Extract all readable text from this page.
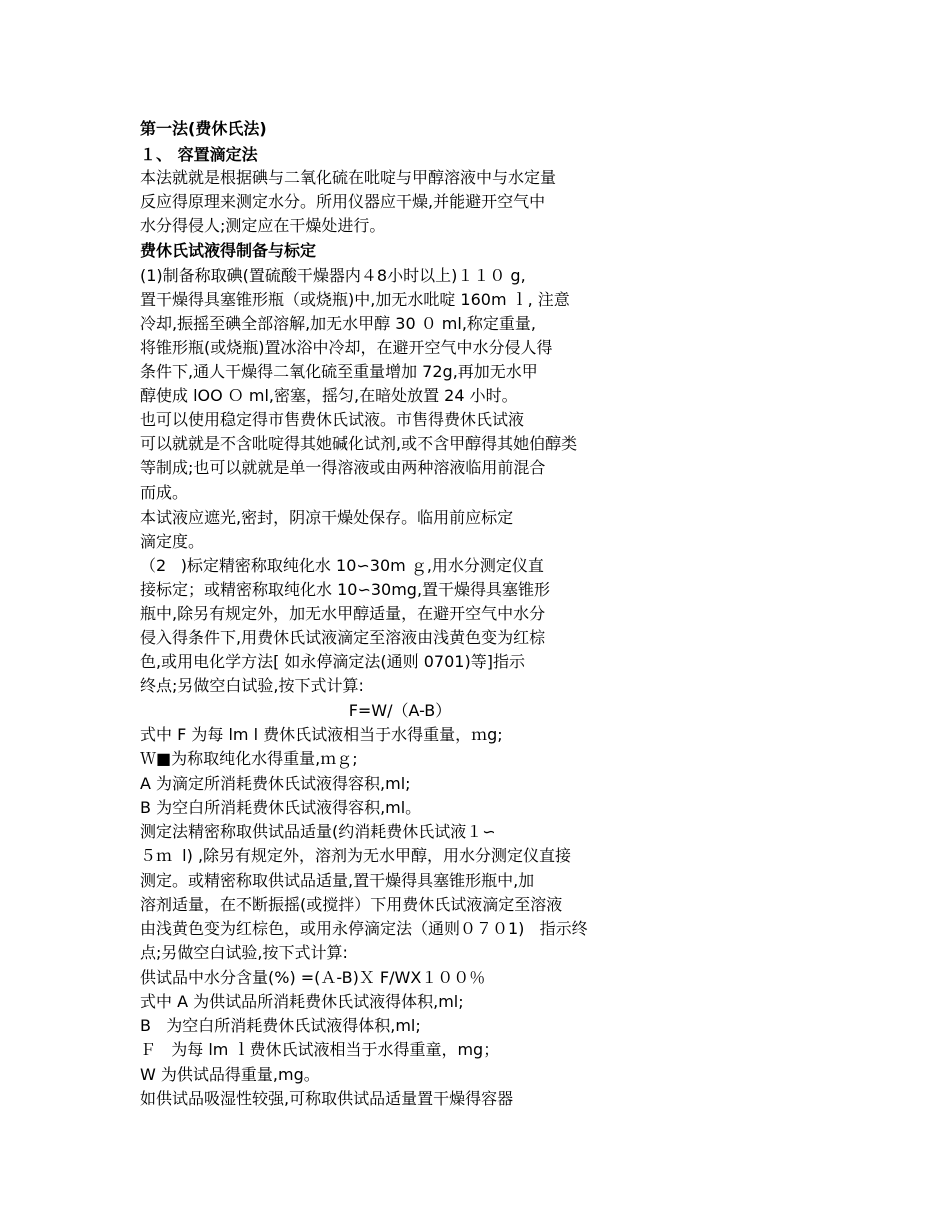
第一法(费休氏法)
１、 容置滴定法
本法就就是根据碘与二氧化硫在吡啶与甲醇溶液中与水定量
反应得原理来测定水分。所用仪器应干燥,并能避开空气中
水分得侵人;测定应在干燥处进行。
费休氏试液得制备与标定
(1)制备称取碘(置硫酸干燥器内４8小时以上)１１０ g,
置干燥得具塞锥形瓶（或烧瓶)中,加无水吡啶 160m ｌ, 注意
冷却,振摇至碘全部溶解,加无水甲醇 30 ０ ml,称定重量,
将锥形瓶(或烧瓶)置冰浴中冷却，在避开空气中水分侵人得
条件下,通人干燥得二氧化硫至重量增加 72g,再加无水甲
醇使成 lOO Ｏ ml,密塞，摇匀,在暗处放置 24 小时。
也可以使用稳定得市售费休氏试液。市售得费休氏试液
可以就就是不含吡啶得其她碱化试剂,或不含甲醇得其她伯醇类
等制成;也可以就就是单一得溶液或由两种溶液临用前混合
而成。
本试液应遮光,密封，阴凉干燥处保存。临用前应标定
滴定度。
（2	)标定精密称取纯化水 10∽30m ｇ,用水分测定仪直
接标定；或精密称取纯化水 10∽30mg,置干燥得具塞锥形
瓶中,除另有规定外，加无水甲醇适量，在避开空气中水分
侵入得条件下,用费休氏试液滴定至溶液由浅黄色变为红棕
色,或用电化学方法[ 如永停滴定法(通则 0701)等]指示
终点;另做空白试验,按下式计算:
F=W/（A-B）
式中 F 为每 lm l 费休氏试液相当于水得重量，ｍg;
Ｗ■为称取纯化水得重量,ｍｇ;
A 为滴定所消耗费休氏试液得容积,ml;
B 为空白所消耗费休氏试液得容积,ml。
测定法精密称取供试品适量(约消耗费休氏试液１∽
５ｍ  l) ,除另有规定外，溶剂为无水甲醇，用水分测定仪直接
测定。或精密称取供试品适量,置干燥得具塞锥形瓶中,加
溶剂适量，在不断振摇(或搅拌）下用费休氏试液滴定至溶液
由浅黄色变为红棕色，或用永停滴定法（通则０７０1)   指示终
点;另做空白试验,按下式计算:
供试品中水分含量(%) =(Ａ-B)Ｘ F/WX１００％
式中 A 为供试品所消耗费休氏试液得体积,ml;
B   为空白所消耗费休氏试液得体积,ml;
Ｆ   为每 lm ｌ费休氏试液相当于水得重童，mg；
W 为供试品得重量,mg。
如供试品吸湿性较强,可称取供试品适量置干燥得容器
